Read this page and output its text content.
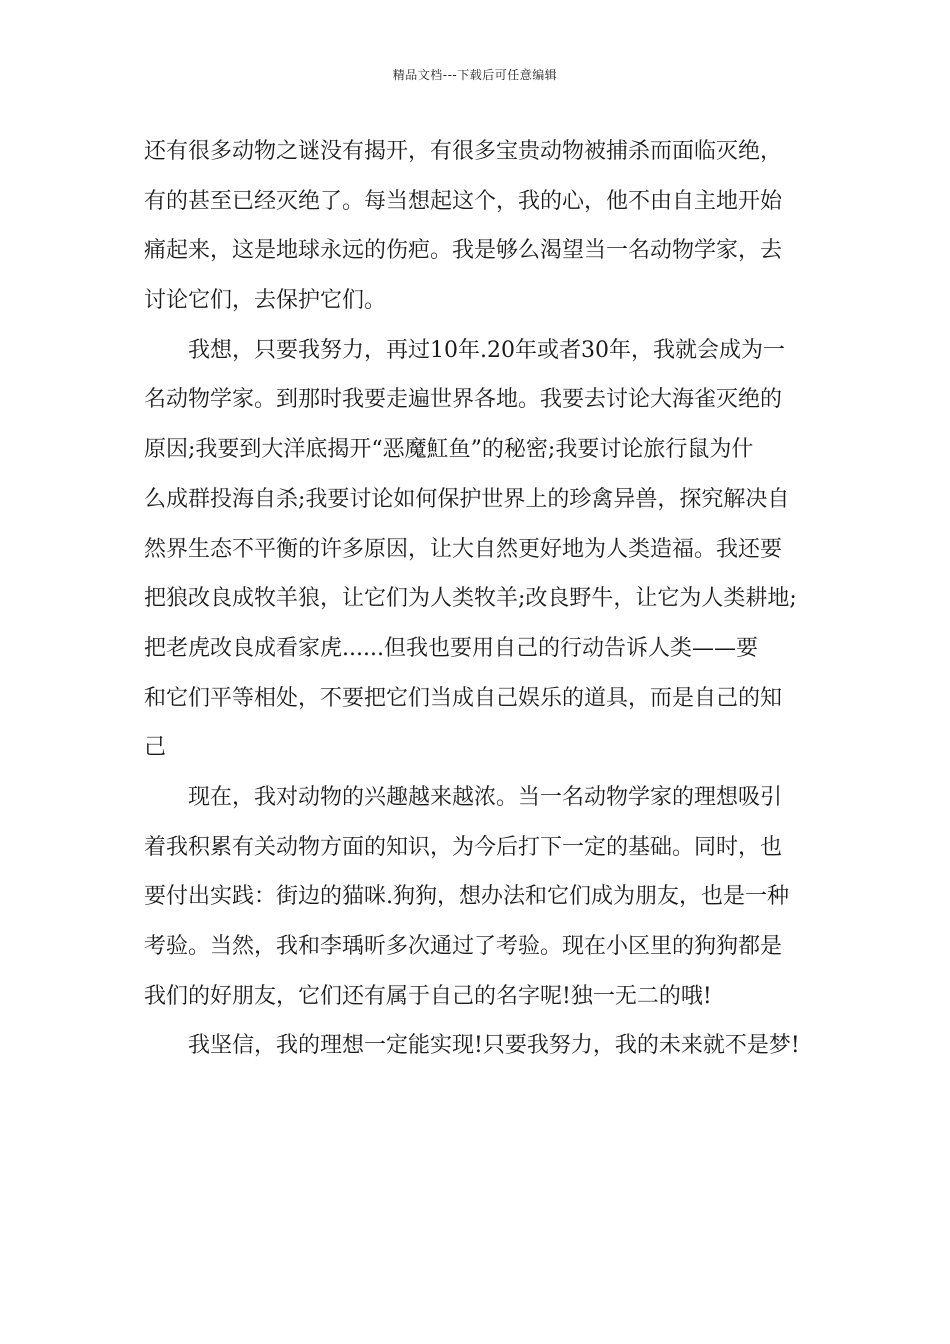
精品文档---下载后可任意编辑
还有很多动物之谜没有揭开，有很多宝贵动物被捕杀而面临灭绝，
有的甚至已经灭绝了。每当想起这个，我的心，他不由自主地开始
痛起来，这是地球永远的伤疤。我是够么渴望当一名动物学家，去
讨论它们，去保护它们。
我想，只要我努力，再过10年.20年或者30年，我就会成为一
名动物学家。到那时我要走遍世界各地。我要去讨论大海雀灭绝的
原因;我要到大洋底揭开“恶魔魟鱼”的秘密;我要讨论旅行鼠为什
么成群投海自杀;我要讨论如何保护世界上的珍禽异兽，探究解决自
然界生态不平衡的许多原因，让大自然更好地为人类造福。我还要
把狼改良成牧羊狼，让它们为人类牧羊;改良野牛，让它为人类耕地;
把老虎改良成看家虎......但我也要用自己的行动告诉人类——要
和它们平等相处，不要把它们当成自己娱乐的道具，而是自己的知
己
现在，我对动物的兴趣越来越浓。当一名动物学家的理想吸引
着我积累有关动物方面的知识，为今后打下一定的基础。同时，也
要付出实践：街边的猫咪.狗狗，想办法和它们成为朋友，也是一种
考验。当然，我和李瑀昕多次通过了考验。现在小区里的狗狗都是
我们的好朋友，它们还有属于自己的名字呢!独一无二的哦!
我坚信，我的理想一定能实现!只要我努力，我的未来就不是梦!
